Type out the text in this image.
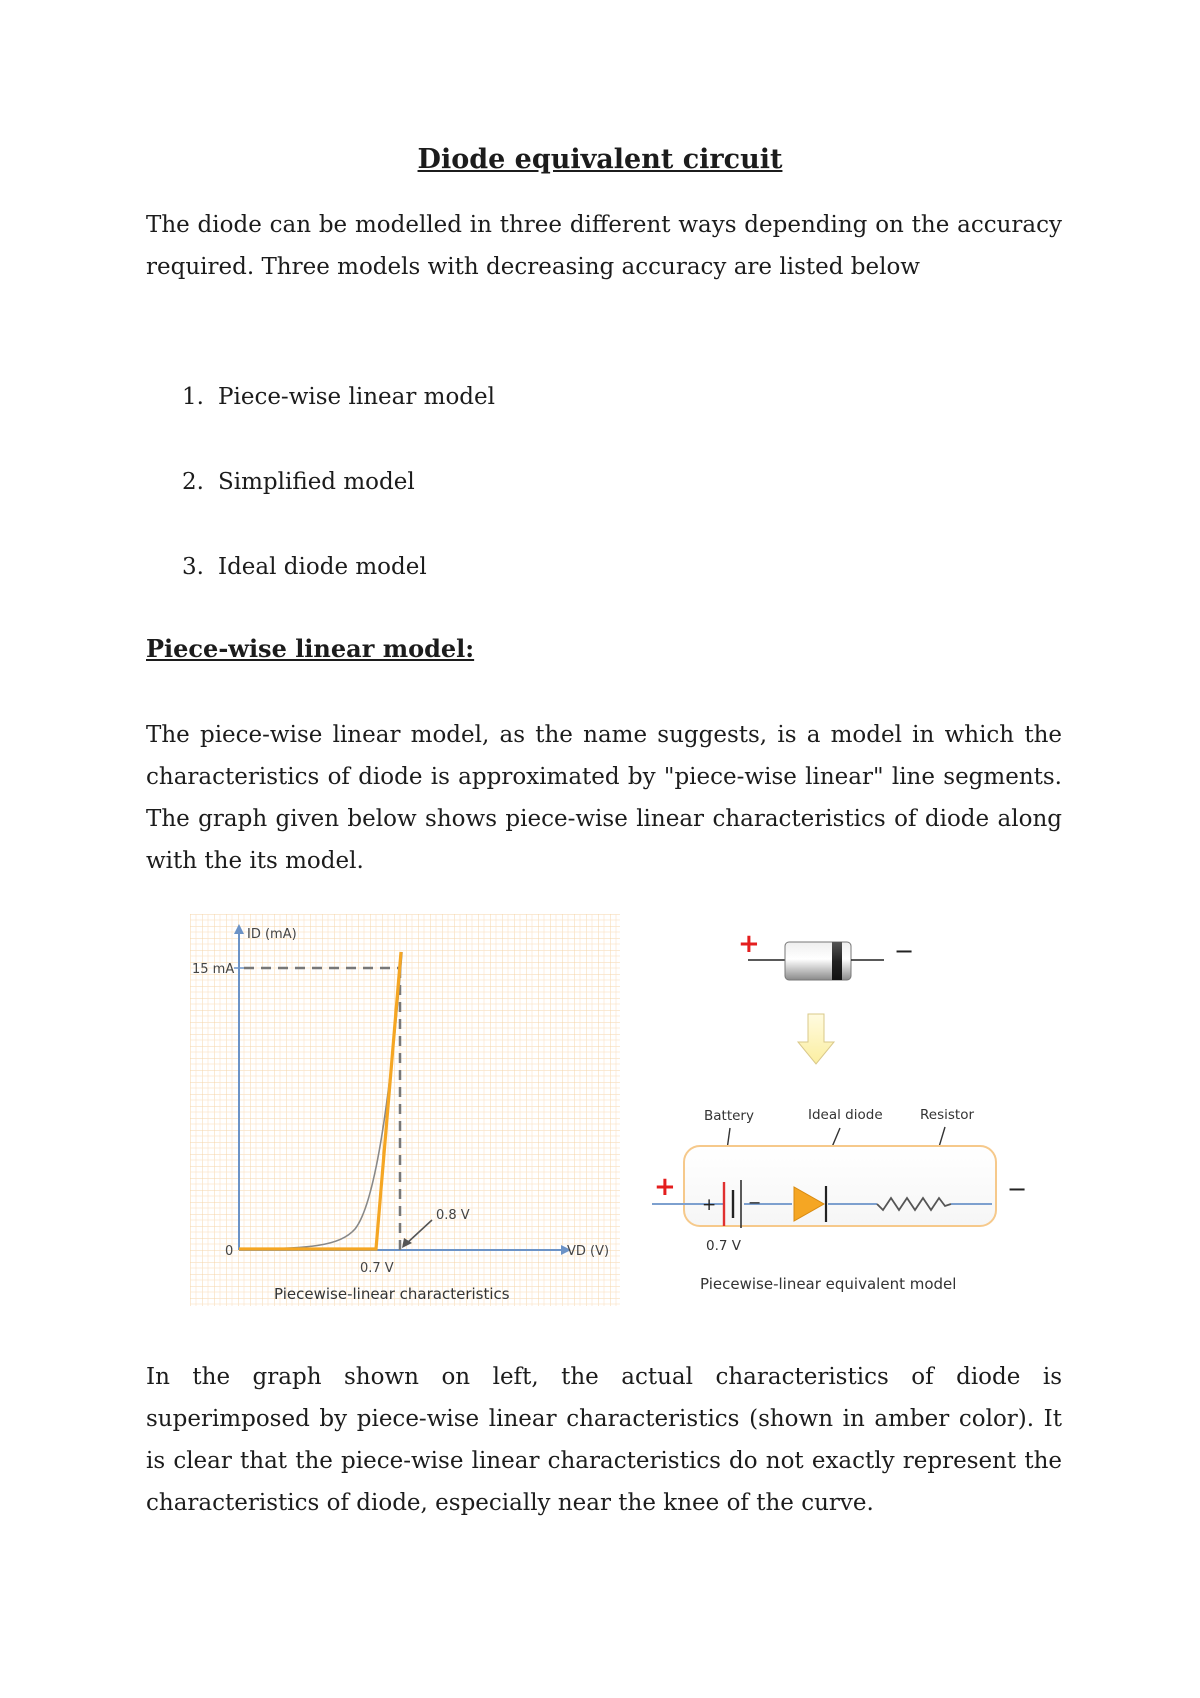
Diode equivalent circuit

The diode can be modelled in three different ways depending on the accuracy required. Three models with decreasing accuracy are listed below

1. Piece-wise linear model
2. Simplified model
3. Ideal diode model
Piece-wise linear model:

The piece-wise linear model, as the name suggests, is a model in which the characteristics of diode is approximated by "piece-wise linear" line segments. The graph given below shows piece-wise linear characteristics of diode along with the its model.

ID (mA)
15 mA
0	VD (V)
0.7 V
0.8 V
Piecewise-linear characteristics
+	−
Battery	Ideal diode	Resistor
+ −
0.7 V
+	−
Piecewise-linear equivalent model

In the graph shown on left, the actual characteristics of diode is superimposed by piece-wise linear characteristics (shown in amber color). It is clear that the piece-wise linear characteristics do not exactly represent the characteristics of diode, especially near the knee of the curve.
